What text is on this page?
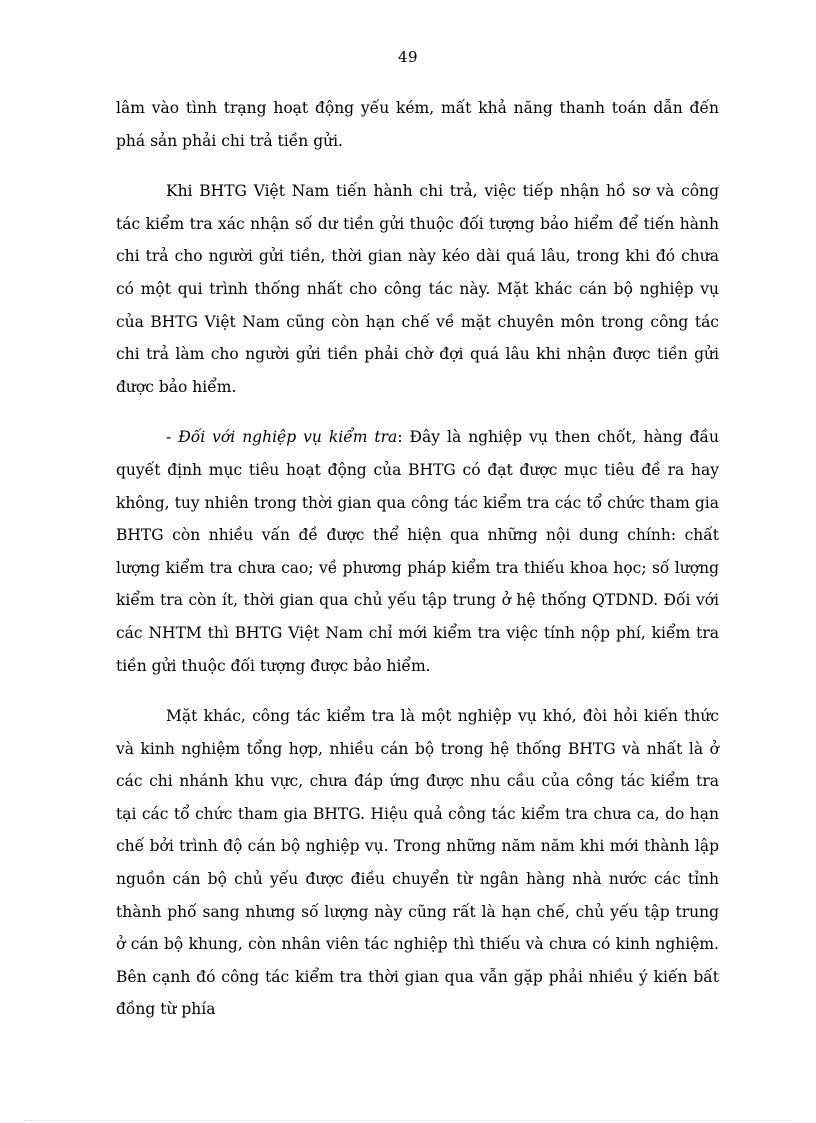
49

lâm vào tình trạng hoạt động yếu kém, mất khả năng thanh toán dẫn đến phá sản phải chi trả tiền gửi.

Khi BHTG Việt Nam tiến hành chi trả, việc tiếp nhận hồ sơ và công tác kiểm tra xác nhận số dư tiền gửi thuộc đối tượng bảo hiểm để tiến hành chi trả cho người gửi tiền, thời gian này kéo dài quá lâu, trong khi đó chưa có một qui trình thống nhất cho công tác này. Mặt khác cán bộ nghiệp vụ của BHTG Việt Nam cũng còn hạn chế về mặt chuyên môn trong công tác chi trả làm cho người gửi tiền phải chờ đợi quá lâu khi nhận được tiền gửi được bảo hiểm.

- Đối với nghiệp vụ kiểm tra: Đây là nghiệp vụ then chốt, hàng đầu quyết định mục tiêu hoạt động của BHTG có đạt được mục tiêu đề ra hay không, tuy nhiên trong thời gian qua công tác kiểm tra các tổ chức tham gia BHTG còn nhiều vấn đề được thể hiện qua những nội dung chính: chất lượng kiểm tra chưa cao; về phương pháp kiểm tra thiếu khoa học; số lượng kiểm tra còn ít, thời gian qua chủ yếu tập trung ở hệ thống QTDND. Đối với các NHTM thì BHTG Việt Nam chỉ mới kiểm tra việc tính nộp phí, kiểm tra tiền gửi thuộc đối tượng được bảo hiểm.

Mặt khác, công tác kiểm tra là một nghiệp vụ khó, đòi hỏi kiến thức và kinh nghiệm tổng hợp, nhiều cán bộ trong hệ thống BHTG và nhất là ở các chi nhánh khu vực, chưa đáp ứng được nhu cầu của công tác kiểm tra tại các tổ chức tham gia BHTG. Hiệu quả công tác kiểm tra chưa ca, do hạn chế bởi trình độ cán bộ nghiệp vụ. Trong những năm năm khi mới thành lập nguồn cán bộ chủ yếu được điều chuyển từ ngân hàng nhà nước các tỉnh thành phố sang nhưng số lượng này cũng rất là hạn chế, chủ yếu tập trung ở cán bộ khung, còn nhân viên tác nghiệp thì thiếu và chưa có kinh nghiệm. Bên cạnh đó công tác kiểm tra thời gian qua vẫn gặp phải nhiều ý kiến bất đồng từ phía
